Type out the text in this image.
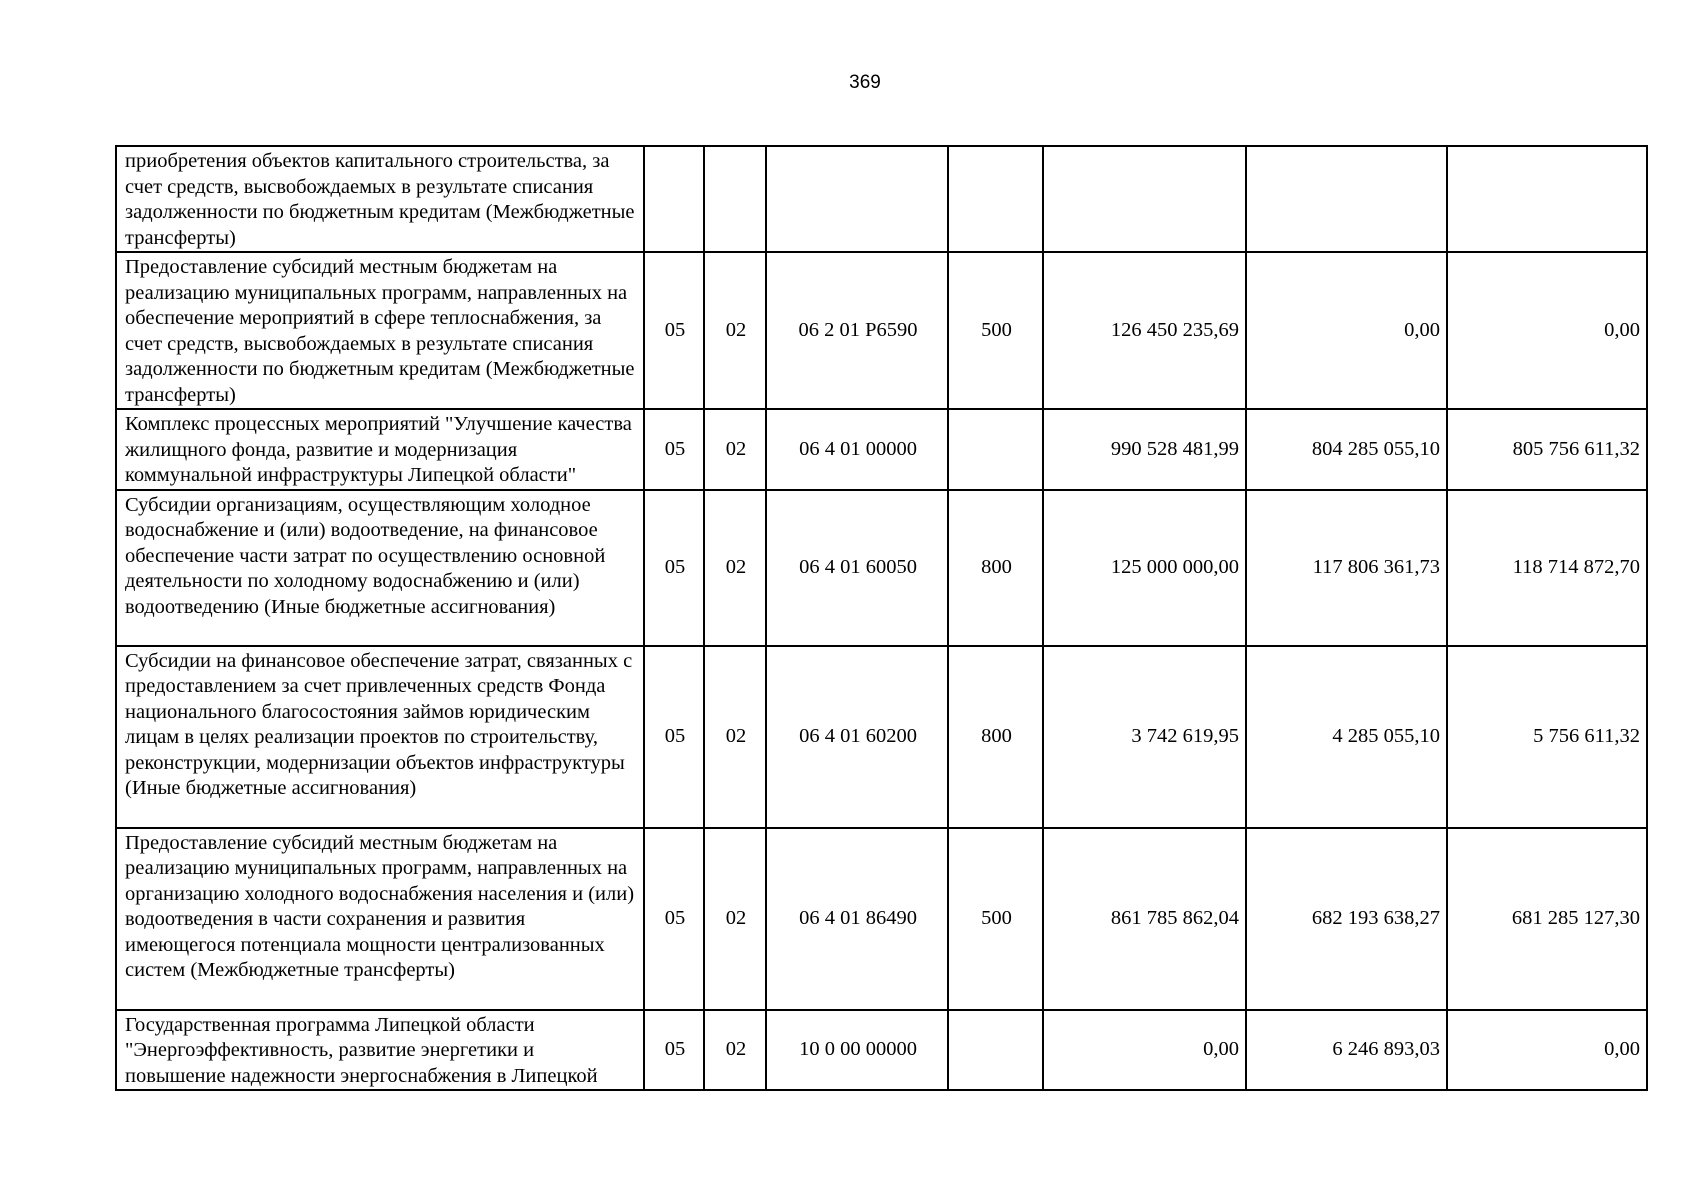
369
приобретения объектов капитального строительства, за счет средств, высвобождаемых в результате списания задолженности по бюджетным кредитам (Межбюджетные трансферты)							
Предоставление субсидий местным бюджетам на реализацию муниципальных программ, направленных на обеспечение мероприятий в сфере теплоснабжения, за счет средств, высвобождаемых в результате списания задолженности по бюджетным кредитам (Межбюджетные трансферты)	05	02	06 2 01 P6590	500	126 450 235,69	0,00	0,00
Комплекс процессных мероприятий "Улучшение качества жилищного фонда, развитие и модернизация коммунальной инфраструктуры Липецкой области"	05	02	06 4 01 00000		990 528 481,99	804 285 055,10	805 756 611,32
Субсидии организациям, осуществляющим холодное водоснабжение и (или) водоотведение, на финансовое обеспечение части затрат по осуществлению основной деятельности по холодному водоснабжению и (или) водоотведению (Иные бюджетные ассигнования)	05	02	06 4 01 60050	800	125 000 000,00	117 806 361,73	118 714 872,70
Субсидии на финансовое обеспечение затрат, связанных с предоставлением за счет привлеченных средств Фонда национального благосостояния займов юридическим лицам в целях реализации проектов по строительству, реконструкции, модернизации объектов инфраструктуры (Иные бюджетные ассигнования)	05	02	06 4 01 60200	800	3 742 619,95	4 285 055,10	5 756 611,32
Предоставление субсидий местным бюджетам на реализацию муниципальных программ, направленных на организацию холодного водоснабжения населения и (или) водоотведения в части сохранения и развития имеющегося потенциала мощности централизованных систем (Межбюджетные трансферты)	05	02	06 4 01 86490	500	861 785 862,04	682 193 638,27	681 285 127,30
Государственная программа Липецкой области "Энергоэффективность, развитие энергетики и повышение надежности энергоснабжения в Липецкой	05	02	10 0 00 00000		0,00	6 246 893,03	0,00
